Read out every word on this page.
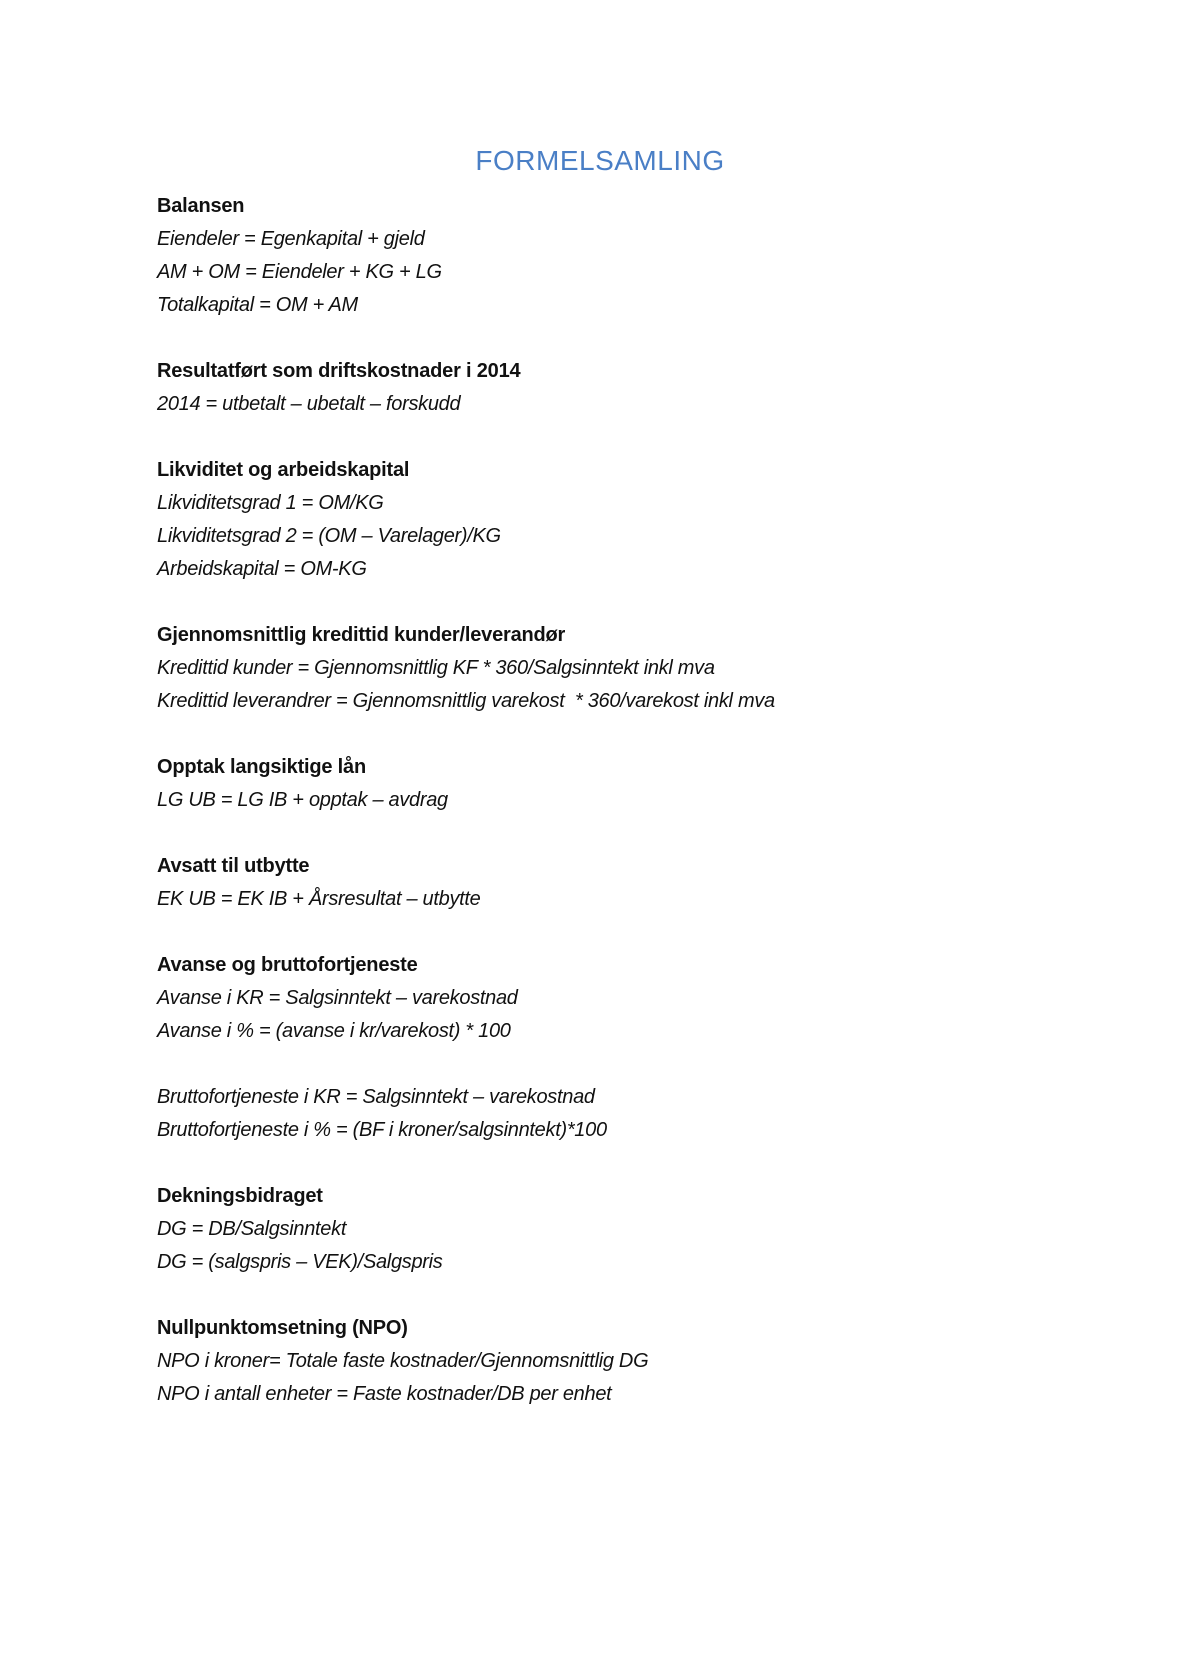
FORMELSAMLING
Balansen
Eiendeler = Egenkapital + gjeld
AM + OM = Eiendeler + KG + LG
Totalkapital = OM + AM
Resultatført som driftskostnader i 2014
2014 = utbetalt – ubetalt – forskudd
Likviditet og arbeidskapital
Likviditetsgrad 1 = OM/KG
Likviditetsgrad 2 = (OM – Varelager)/KG
Arbeidskapital = OM-KG
Gjennomsnittlig kredittid kunder/leverandør
Kredittid kunder = Gjennomsnittlig KF * 360/Salgsinntekt inkl mva
Kredittid leverandrer = Gjennomsnittlig varekost  * 360/varekost inkl mva
Opptak langsiktige lån
LG UB = LG IB + opptak – avdrag
Avsatt til utbytte
EK UB = EK IB + Årsresultat – utbytte
Avanse og bruttofortjeneste
Avanse i KR = Salgsinntekt – varekostnad
Avanse i % = (avanse i kr/varekost) * 100
Bruttofortjeneste i KR = Salgsinntekt – varekostnad
Bruttofortjeneste i % = (BF i kroner/salgsinntekt)*100
Dekningsbidraget
DG = DB/Salgsinntekt
DG = (salgspris – VEK)/Salgspris
Nullpunktomsetning (NPO)
NPO i kroner= Totale faste kostnader/Gjennomsnittlig DG
NPO i antall enheter = Faste kostnader/DB per enhet
